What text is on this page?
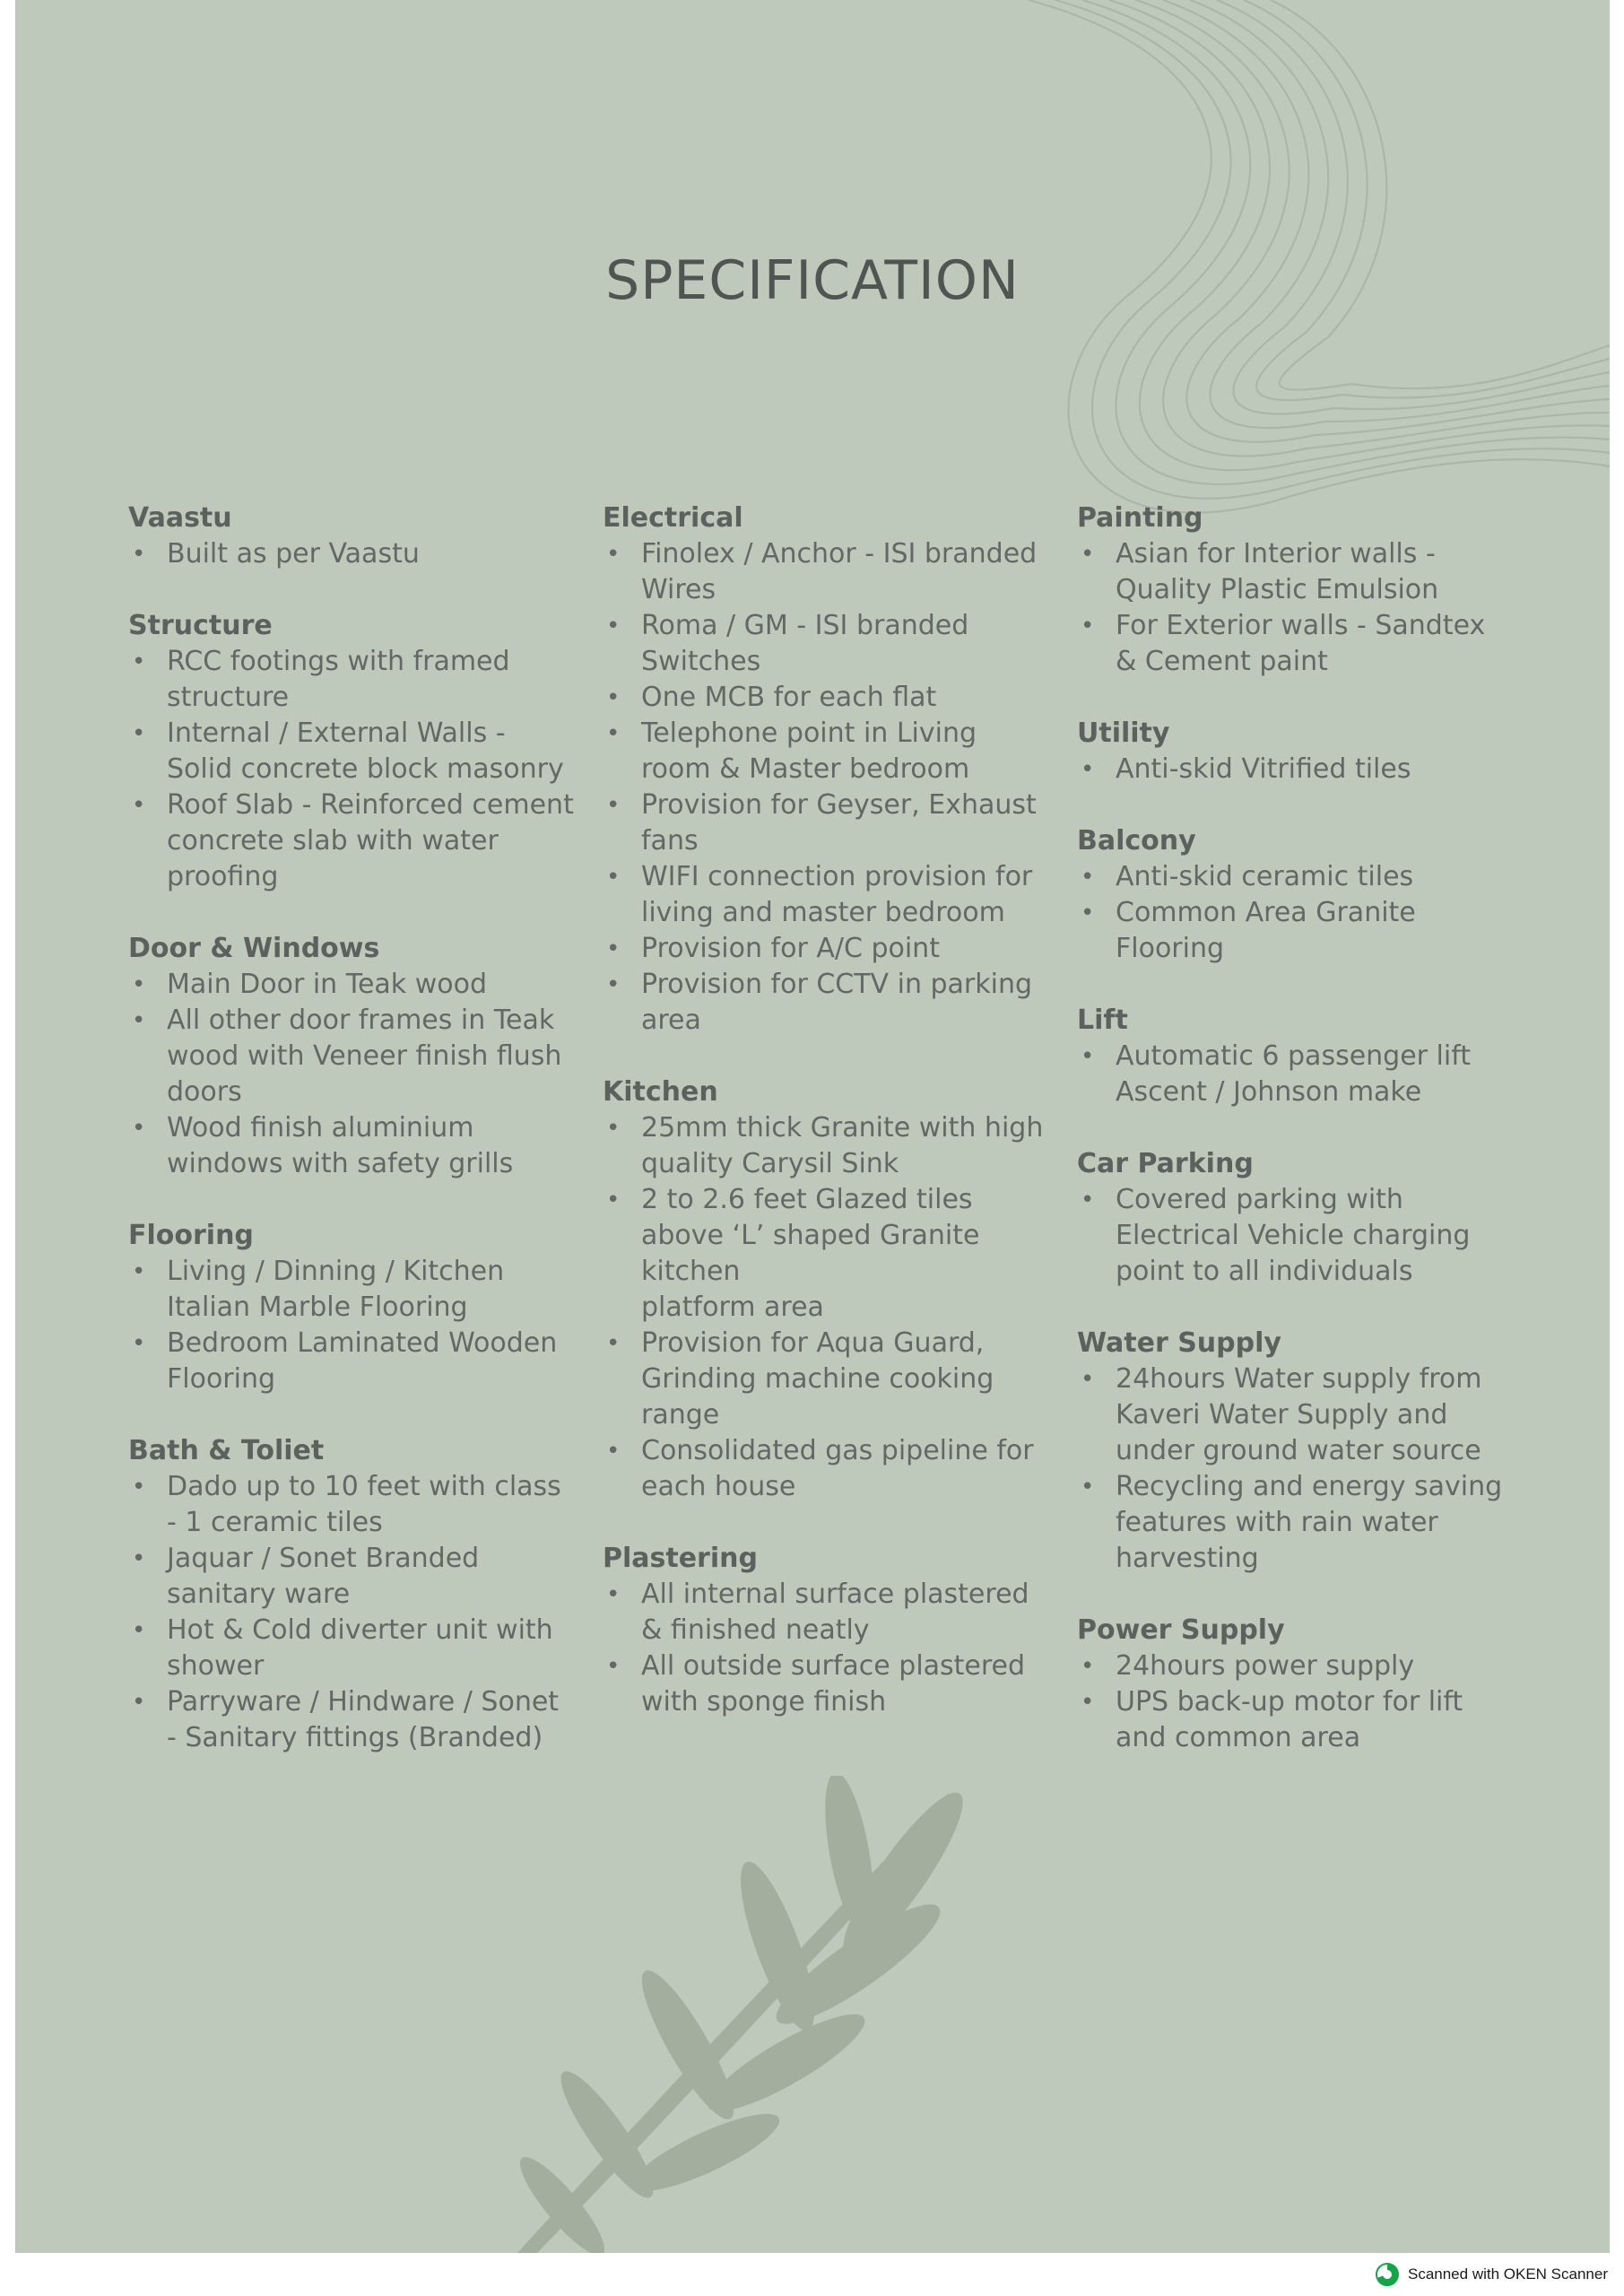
SPECIFICATION
Vaastu
• Built as per Vaastu
Structure
• RCC footings with framed structure
• Internal / External Walls - Solid concrete block masonry
• Roof Slab - Reinforced cement concrete slab with water proofing
Door & Windows
• Main Door in Teak wood
• All other door frames in Teak wood with Veneer finish flush doors
• Wood finish aluminium windows with safety grills
Flooring
• Living / Dinning / Kitchen Italian Marble Flooring
• Bedroom Laminated Wooden Flooring
Bath & Toliet
• Dado up to 10 feet with class - 1 ceramic tiles
• Jaquar / Sonet Branded sanitary ware
• Hot & Cold diverter unit with shower
• Parryware / Hindware / Sonet - Sanitary fittings (Branded)
Electrical
• Finolex / Anchor - ISI branded Wires
• Roma / GM - ISI branded Switches
• One MCB for each flat
• Telephone point in Living room & Master bedroom
• Provision for Geyser, Exhaust fans
• WIFI connection provision for living and master bedroom
• Provision for A/C point
• Provision for CCTV in parking area
Kitchen
• 25mm thick Granite with high quality Carysil Sink
• 2 to 2.6 feet Glazed tiles above ‘L’ shaped Granite kitchen
platform area
• Provision for Aqua Guard, Grinding machine cooking range
• Consolidated gas pipeline for each house
Plastering
• All internal surface plastered & finished neatly
• All outside surface plastered with sponge finish
Painting
• Asian for Interior walls - Quality Plastic Emulsion
• For Exterior walls - Sandtex & Cement paint
Utility
• Anti-skid Vitrified tiles
Balcony
• Anti-skid ceramic tiles
• Common Area Granite Flooring
Lift
• Automatic 6 passenger lift Ascent / Johnson make
Car Parking
• Covered parking with Electrical Vehicle charging point to all individuals
Water Supply
• 24hours Water supply from Kaveri Water Supply and under ground water source
• Recycling and energy saving features with rain water harvesting
Power Supply
• 24hours power supply
• UPS back-up motor for lift and common area
Scanned with OKEN Scanner
